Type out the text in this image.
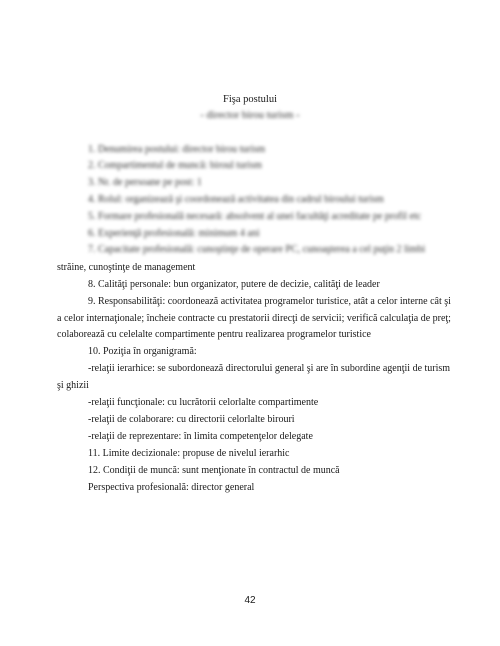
Fişa postului
- director birou turism -
1. Denumirea postului: director birou turism
2. Compartimentul de muncă: biroul turism
3. Nr. de persoane pe post: 1
4. Rolul: organizează şi coordonează activitatea din cadrul biroului turism
5. Formare profesională necesară: absolvent al unei facultăţi acreditate pe profil etc
6. Experienţă profesională: minimum 4 ani
7. Capacitate profesională: cunoştinţe de operare PC, cunoaşterea a cel puţin 2 limbi
străine, cunoştinţe de management
8. Calităţi personale: bun organizator, putere de decizie, calităţi de leader
9. Responsabilităţi: coordonează activitatea programelor turistice, atât a celor interne cât şi
a celor internaţionale; încheie contracte cu prestatorii direcţi de servicii; verifică calculaţia de preţ;
colaborează cu celelalte compartimente pentru realizarea programelor turistice
10. Poziţia în organigramă:
-relaţii ierarhice: se subordonează directorului general şi are în subordine agenţii de turism
şi ghizii
-relaţii funcţionale: cu lucrătorii celorlalte compartimente
-relaţii de colaborare: cu directorii celorlalte birouri
-relaţii de reprezentare: în limita competenţelor delegate
11. Limite decizionale: propuse de nivelul ierarhic
12. Condiţii de muncă: sunt menţionate în contractul de muncă
Perspectiva profesională: director general
42
